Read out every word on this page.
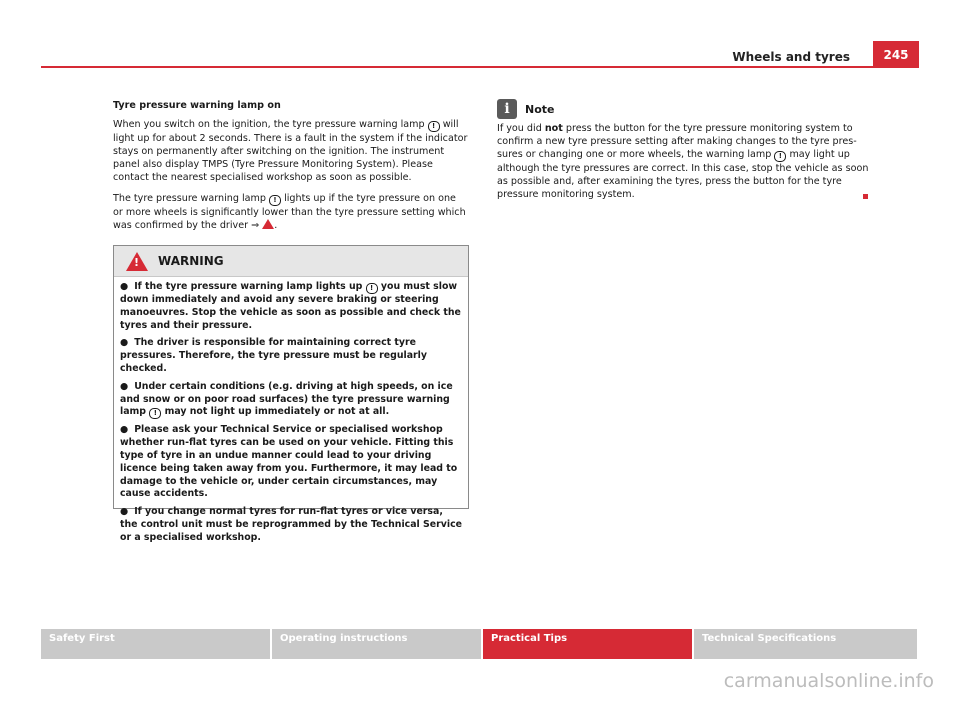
Wheels and tyres	245
Tyre pressure warning lamp on

When you switch on the ignition, the tyre pressure warning lamp ! will light up for about 2 seconds. There is a fault in the system if the indicator stays on permanently after switching on the ignition. The instrument panel also display TMPS (Tyre Pressure Monitoring System). Please contact the nearest specialised workshop as soon as possible.

The tyre pressure warning lamp ! lights up if the tyre pressure on one or more wheels is significantly lower than the tyre pressure setting which was confirmed by the driver ⇒ .

! WARNING
● If the tyre pressure warning lamp lights up ! you must slow down immediately and avoid any severe braking or steering manoeuvres. Stop the vehicle as soon as possible and check the tyres and their pressure.
● The driver is responsible for maintaining correct tyre pressures. Therefore, the tyre pressure must be regularly checked.
● Under certain conditions (e.g. driving at high speeds, on ice and snow or on poor road surfaces) the tyre pressure warning lamp ! may not light up immediately or not at all.
● Please ask your Technical Service or specialised workshop whether run-flat tyres can be used on your vehicle. Fitting this type of tyre in an undue manner could lead to your driving licence being taken away from you. Furthermore, it may lead to damage to the vehicle or, under certain circumstances, may cause accidents.
● If you change normal tyres for run-flat tyres or vice versa, the control unit must be reprogrammed by the Technical Service or a specialised workshop.
i	Note

If you did not press the button for the tyre pressure monitoring system to confirm a new tyre pressure setting after making changes to the tyre pres- sures or changing one or more wheels, the warning lamp ! may light up although the tyre pressures are correct. In this case, stop the vehicle as soon as possible and, after examining the tyres, press the button for the tyre pressure monitoring system.

Safety First	Operating instructions	Practical Tips	Technical Specifications
carmanualsonline.info
